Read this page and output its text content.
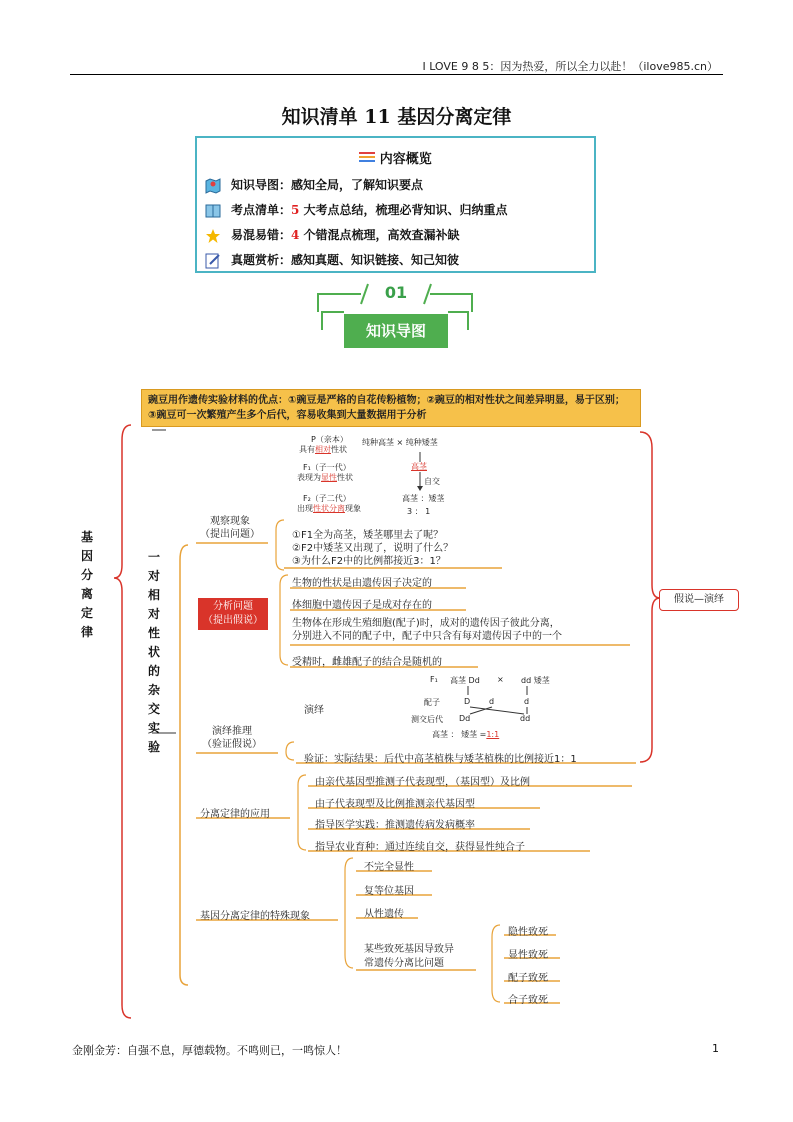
I LOVE 9 8 5：因为热爱，所以全力以赴！（ilove985.cn）
知识清单 11 基因分离定律
内容概览
知识导图：感知全局，了解知识要点
考点清单：5 大考点总结，梳理必背知识、归纳重点
易混易错：4 个错混点梳理，高效查漏补缺
真题赏析：感知真题、知识链接、知己知彼
01
知识导图
豌豆用作遗传实验材料的优点：①豌豆是严格的自花传粉植物；②豌豆的相对性状之间差异明显，易于区别； ③豌豆可一次繁殖产生多个后代，容易收集到大量数据用于分析
基
因
分
离
定
律
一
对
相
对
性
状
的
杂
交
实
验
P（亲本）
具有相对性状
纯种高茎 × 纯种矮茎
F₁（子一代）
表现为显性性状
高茎
自交
F₂（子二代）
出现性状分离现象
高茎 ：矮茎
3 ： 1
观察现象
（提出问题）	①F1全为高茎，矮茎哪里去了呢？
②F2中矮茎又出现了，说明了什么？
③为什么F2中的比例都接近3：1？
分析问题
（提出假说）
生物的性状是由遗传因子决定的
体细胞中遗传因子是成对存在的
生物体在形成生殖细胞(配子)时，成对的遗传因子彼此分离，
分别进入不同的配子中，配子中只含有每对遗传因子中的一个
受精时，雌雄配子的结合是随机的
假说—演绎
演绎
F₁ 高茎 Dd × dd 矮茎
配子	D d	d
测交后代 Dd	dd
高茎 ： 矮茎 =1:1
演绎推理
（验证假说）
验证：实际结果：后代中高茎植株与矮茎植株的比例接近1：1
分离定律的应用
由亲代基因型推测子代表现型，（基因型）及比例
由子代表现型及比例推测亲代基因型
指导医学实践：推测遗传病发病概率
指导农业育种：通过连续自交，获得显性纯合子
基因分离定律的特殊现象
不完全显性
复等位基因
从性遗传
某些致死基因导致异
常遗传分离比问题
隐性致死
显性致死
配子致死
合子致死
金刚金芳：自强不息，厚德载物。不鸣则已，一鸣惊人！	1
